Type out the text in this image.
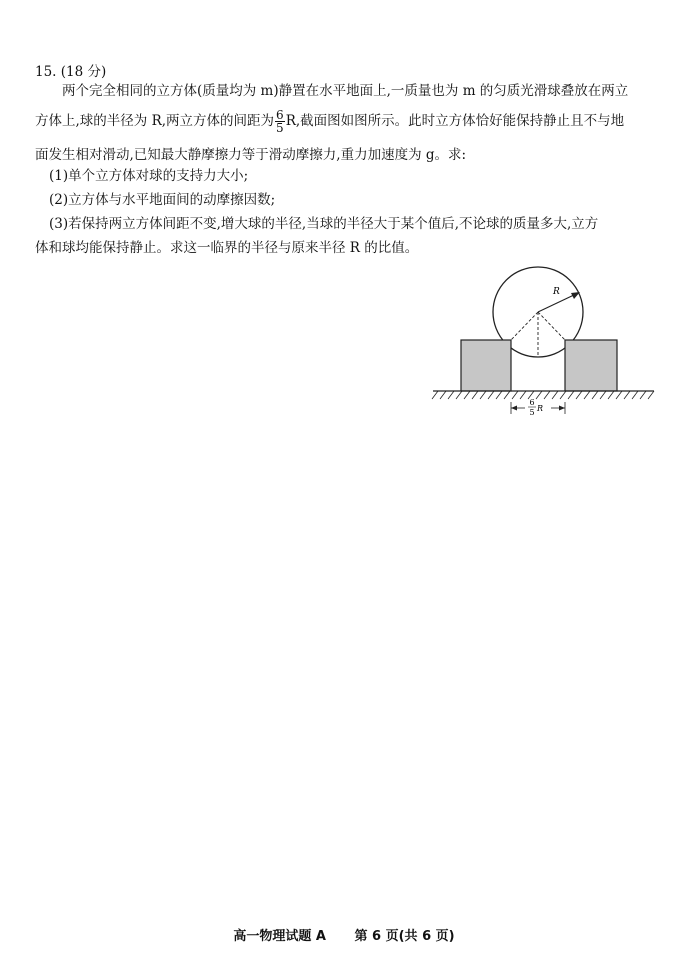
15. (18 分)
两个完全相同的立方体(质量均为 m)静置在水平地面上,一质量也为 m 的匀质光滑球叠放在两立
方体上,球的半径为 R,两立方体的间距为 $\frac{6}{5} R$,截面图如图所示。此时立方体恰好能保持静止且不与地
面发生相对滑动,已知最大静摩擦力等于滑动摩擦力,重力加速度为 g。求:
(1)单个立方体对球的支持力大小;
(2)立方体与水平地面间的动摩擦因数;
(3)若保持两立方体间距不变,增大球的半径,当球的半径大于某个值后,不论球的质量多大,立方
体和球均能保持静止。求这一临界的半径与原来半径 R 的比值。
R
6
5 R
高一物理试题 A 第 6 页(共 6 页)
